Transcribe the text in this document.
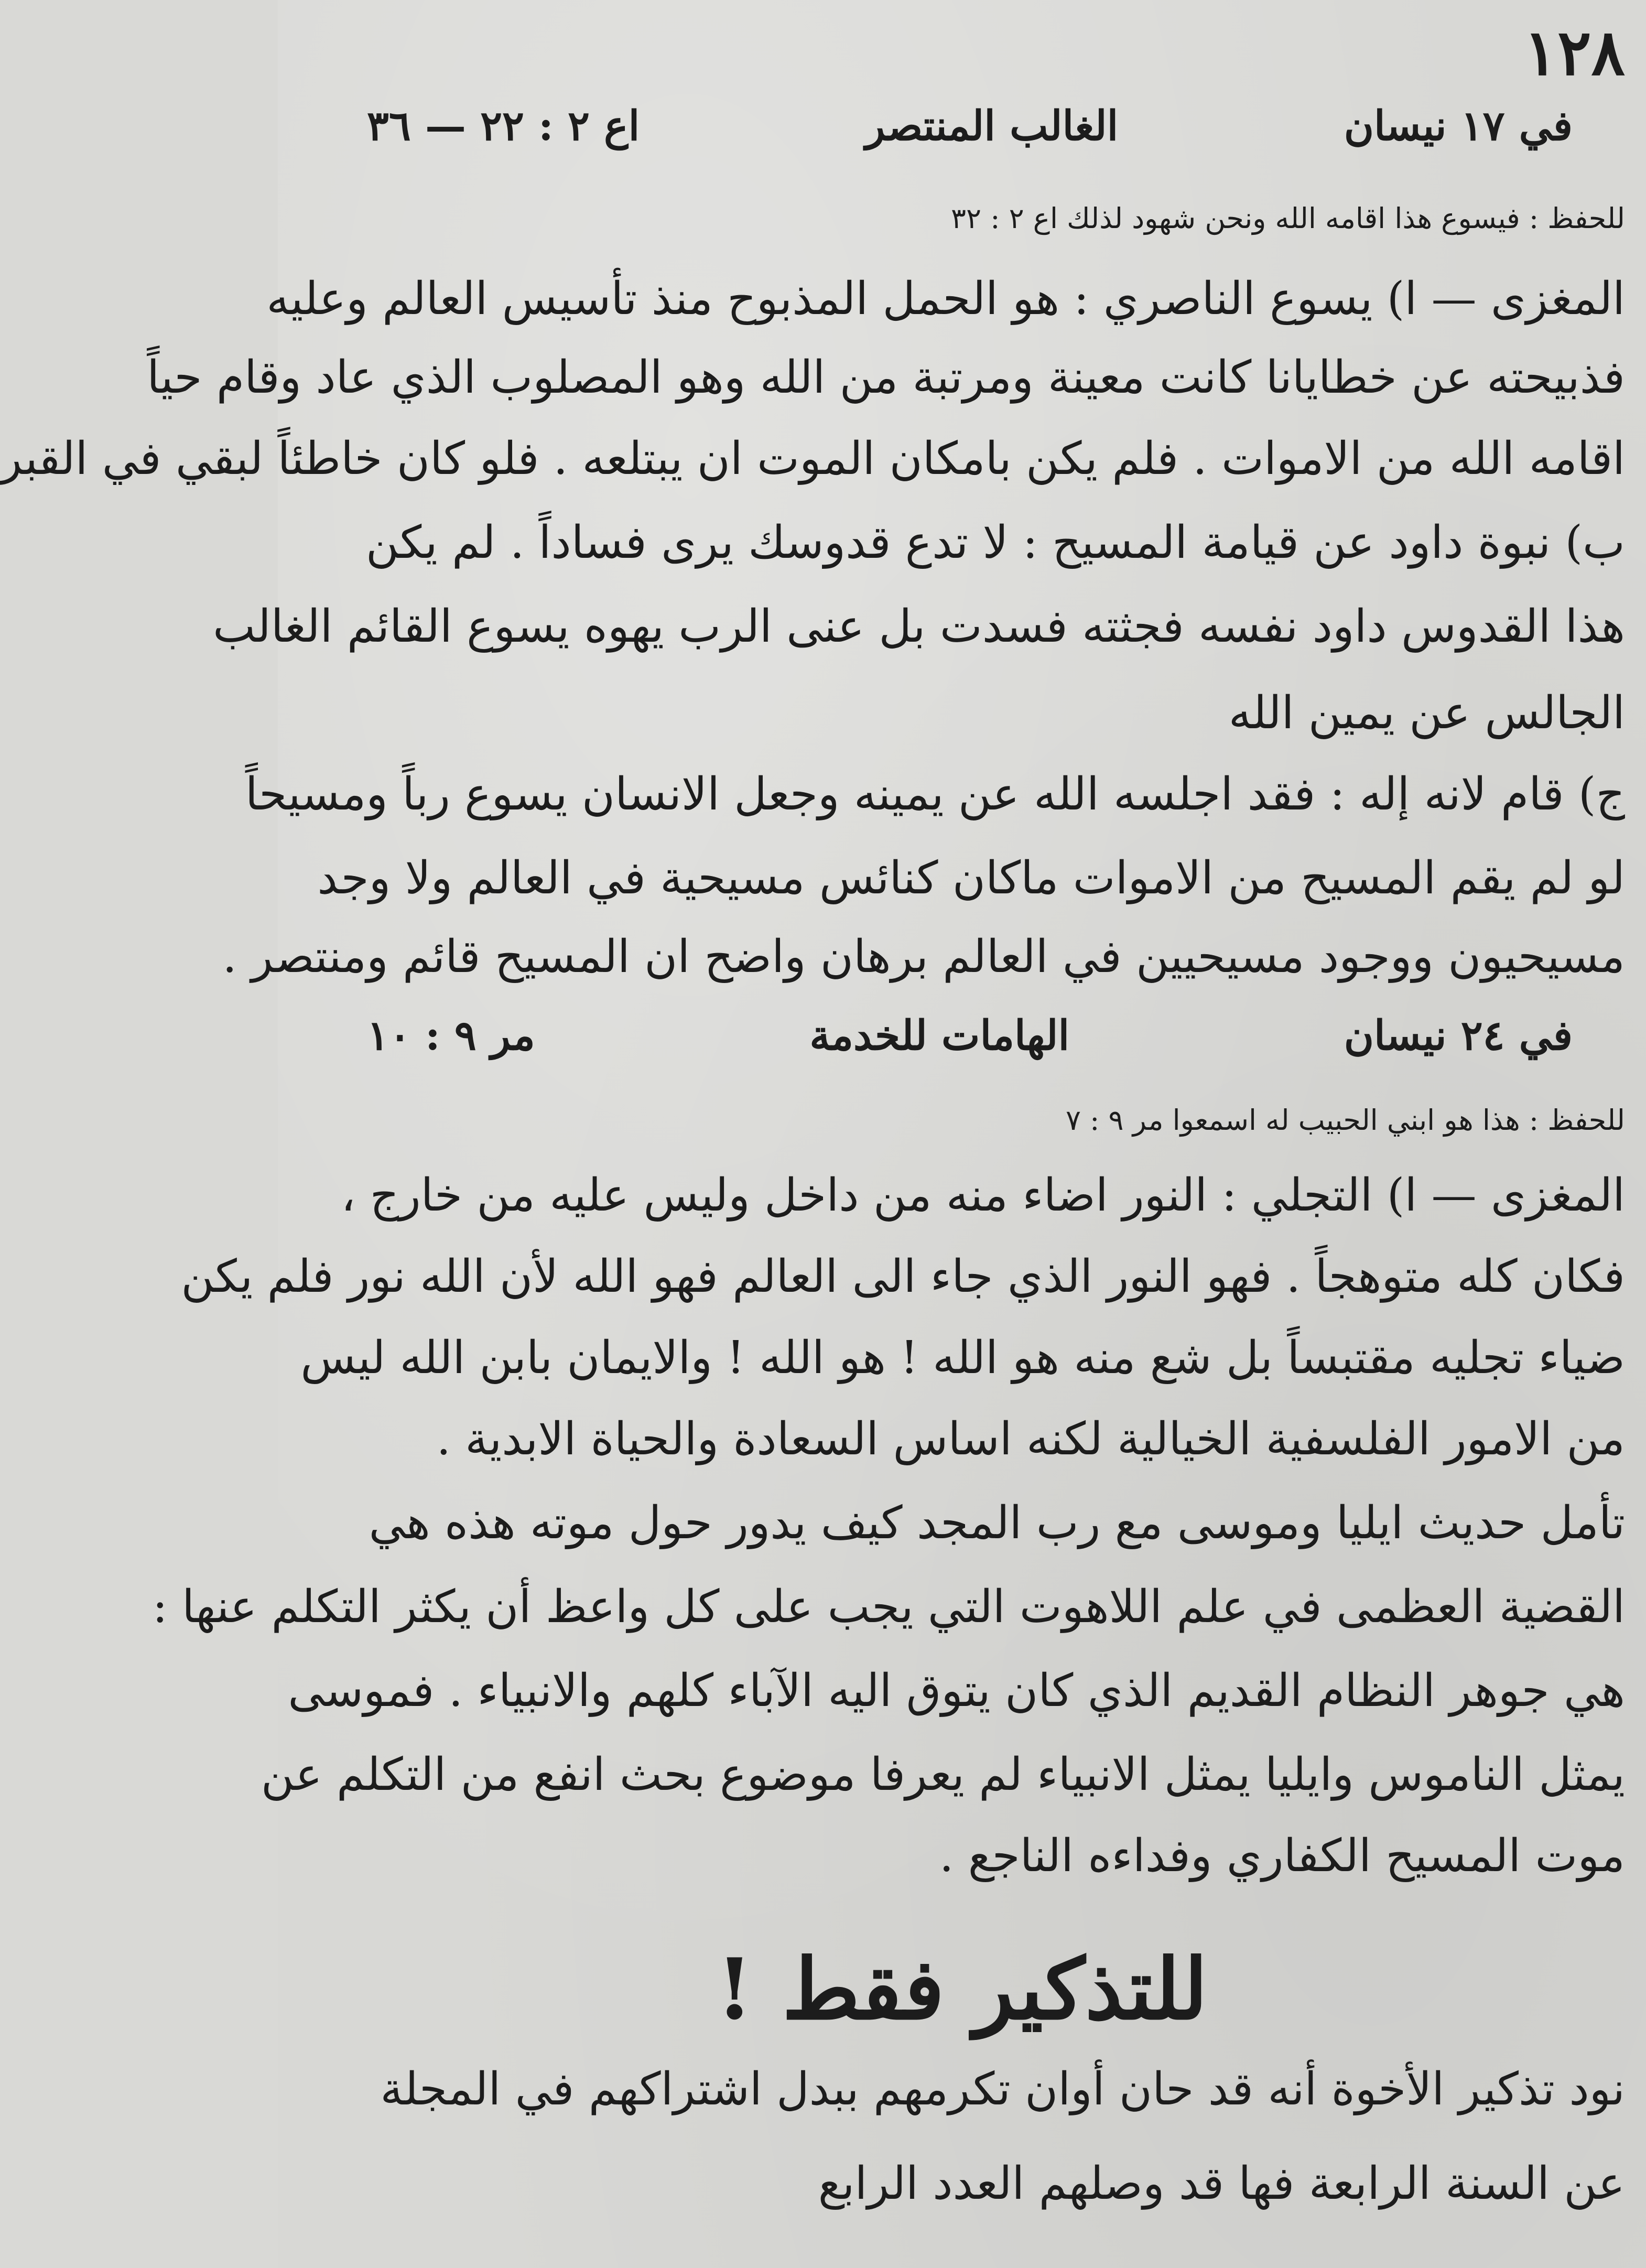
١٢٨
في ١٧ نيسان
الغالب المنتصر
اع ٢ : ٢٢ — ٣٦
للحفظ : فيسوع هذا اقامه الله ونحن شهود لذلك اع ٢ : ٣٢
المغزى — ا) يسوع الناصري : هو الحمل المذبوح منذ تأسيس العالم وعليه
فذبيحته عن خطايانا كانت معينة ومرتبة من الله وهو المصلوب الذي عاد وقام حياً
اقامه الله من الاموات . فلم يكن بامكان الموت ان يبتلعه . فلو كان خاطئاً لبقي في القبر
ب) نبوة داود عن قيامة المسيح : لا تدع قدوسك يرى فساداً . لم يكن
هذا القدوس داود نفسه فجثته فسدت بل عنى الرب يهوه يسوع القائم الغالب
الجالس عن يمين الله
ج) قام لانه إله : فقد اجلسه الله عن يمينه وجعل الانسان يسوع رباً ومسيحاً
لو لم يقم المسيح من الاموات ماكان كنائس مسيحية في العالم ولا وجد
مسيحيون ووجود مسيحيين في العالم برهان واضح ان المسيح قائم ومنتصر .
في ٢٤ نيسان
الهامات للخدمة
مر ٩ : ١٠
للحفظ : هذا هو ابني الحبيب له اسمعوا مر ٩ : ٧
المغزى — ا) التجلي : النور اضاء منه من داخل وليس عليه من خارج ،
فكان كله متوهجاً . فهو النور الذي جاء الى العالم فهو الله لأن الله نور فلم يكن
ضياء تجليه مقتبساً بل شع منه هو الله ! هو الله ! والايمان بابن الله ليس
من الامور الفلسفية الخيالية لكنه اساس السعادة والحياة الابدية .
تأمل حديث ايليا وموسى مع رب المجد كيف يدور حول موته هذه هي
القضية العظمى في علم اللاهوت التي يجب على كل واعظ أن يكثر التكلم عنها :
هي جوهر النظام القديم الذي كان يتوق اليه الآباء كلهم والانبياء . فموسى
يمثل الناموس وايليا يمثل الانبياء لم يعرفا موضوع بحث انفع من التكلم عن
موت المسيح الكفاري وفداءه الناجع .
للتذكير فقط !
نود تذكير الأخوة أنه قد حان أوان تكرمهم ببدل اشتراكهم في المجلة
عن السنة الرابعة فها قد وصلهم العدد الرابع
